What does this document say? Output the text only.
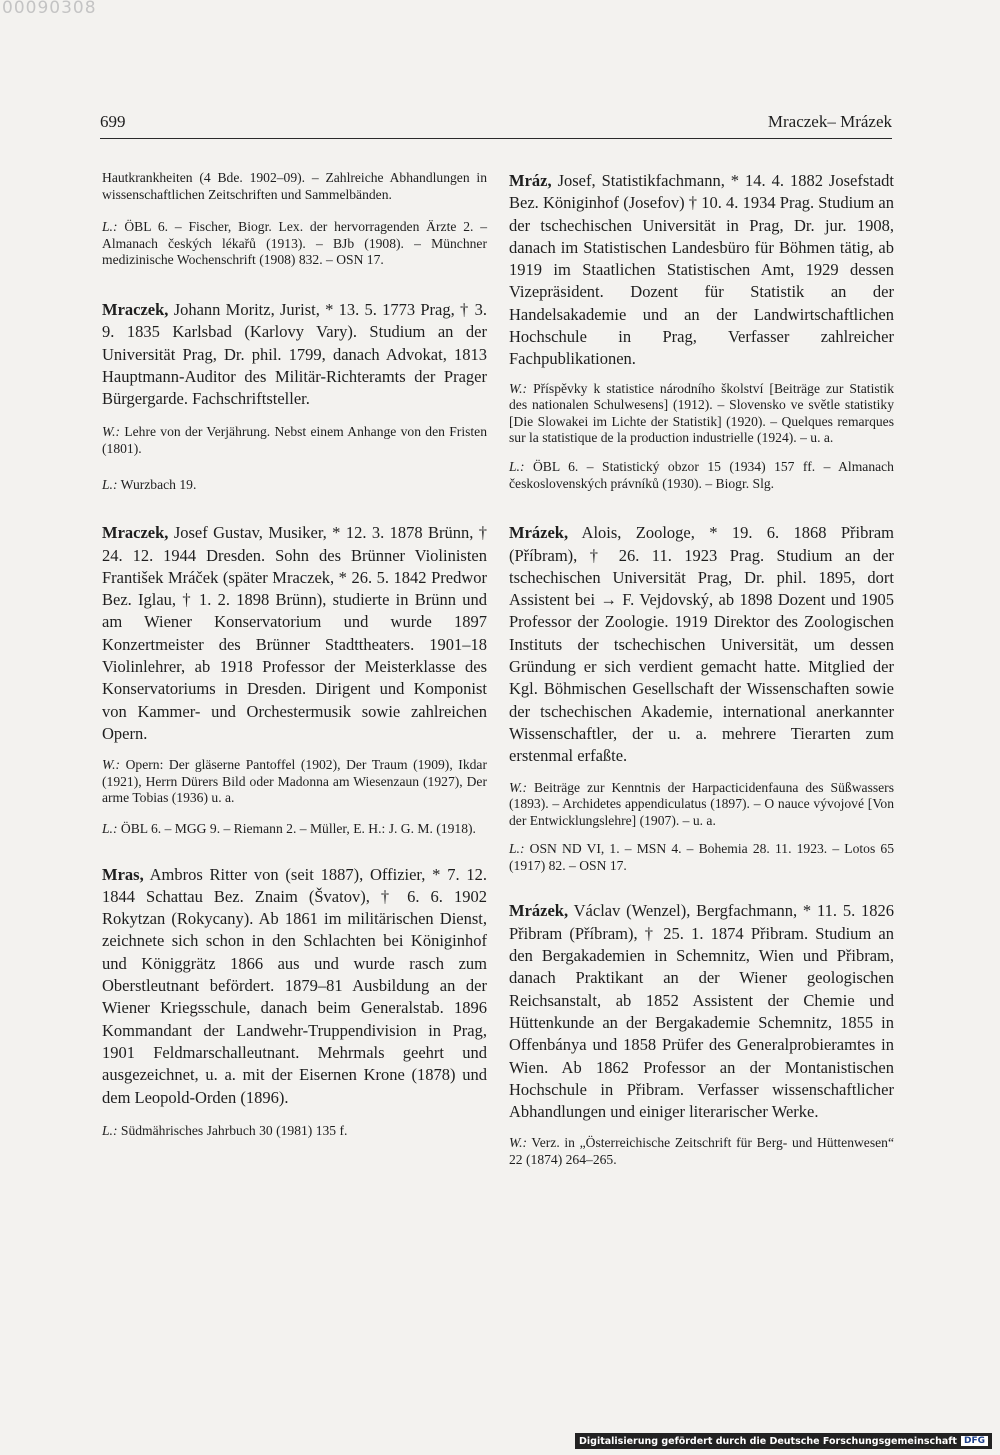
00090308
699	Mraczek– Mrázek

Hautkrankheiten (4 Bde. 1902–09). – Zahlreiche Abhandlungen in wissenschaftlichen Zeitschriften und Sammelbänden.

L.: ÖBL 6. – Fischer, Biogr. Lex. der hervorragenden Ärzte 2. – Almanach českých lékařů (1913). – BJb (1908). – Münchner medizinische Wochenschrift (1908) 832. – OSN 17.

Mraczek, Johann Moritz, Jurist, * 13. 5. 1773 Prag, † 3. 9. 1835 Karlsbad (Karlovy Vary). Studium an der Universität Prag, Dr. phil. 1799, danach Advokat, 1813 Hauptmann-Auditor des Militär-Richteramts der Prager Bürgergarde. Fachschriftsteller.

W.: Lehre von der Verjährung. Nebst einem Anhange von den Fristen (1801).

L.: Wurzbach 19.

Mraczek, Josef Gustav, Musiker, * 12. 3. 1878 Brünn, † 24. 12. 1944 Dresden. Sohn des Brünner Violinisten František Mráček (später Mraczek, * 26. 5. 1842 Predwor Bez. Iglau, † 1. 2. 1898 Brünn), studierte in Brünn und am Wiener Konservatorium und wurde 1897 Konzertmeister des Brünner Stadttheaters. 1901–18 Violinlehrer, ab 1918 Professor der Meisterklasse des Konservatoriums in Dresden. Dirigent und Komponist von Kammer- und Orchestermusik sowie zahlreichen Opern.

W.: Opern: Der gläserne Pantoffel (1902), Der Traum (1909), Ikdar (1921), Herrn Dürers Bild oder Madonna am Wiesenzaun (1927), Der arme Tobias (1936) u. a.

L.: ÖBL 6. – MGG 9. – Riemann 2. – Müller, E. H.: J. G. M. (1918).

Mras, Ambros Ritter von (seit 1887), Offizier, * 7. 12. 1844 Schattau Bez. Znaim (Švatov), † 6. 6. 1902 Rokytzan (Rokycany). Ab 1861 im militärischen Dienst, zeichnete sich schon in den Schlachten bei Königinhof und Königgrätz 1866 aus und wurde rasch zum Oberstleutnant befördert. 1879–81 Ausbildung an der Wiener Kriegsschule, danach beim Generalstab. 1896 Kommandant der Landwehr-Truppendivision in Prag, 1901 Feldmarschalleutnant. Mehrmals geehrt und ausgezeichnet, u. a. mit der Eisernen Krone (1878) und dem Leopold-Orden (1896).

L.: Südmährisches Jahrbuch 30 (1981) 135 f.

Mráz, Josef, Statistikfachmann, * 14. 4. 1882 Josefstadt Bez. Königinhof (Josefov) † 10. 4. 1934 Prag. Studium an der tschechischen Universität in Prag, Dr. jur. 1908, danach im Statistischen Landesbüro für Böhmen tätig, ab 1919 im Staatlichen Statistischen Amt, 1929 dessen Vizepräsident. Dozent für Statistik an der Handelsakademie und an der Landwirtschaftlichen Hochschule in Prag, Verfasser zahlreicher Fachpublikationen.

W.: Příspěvky k statistice národního školství [Beiträge zur Statistik des nationalen Schulwesens] (1912). – Slovensko ve světle statistiky [Die Slowakei im Lichte der Statistik] (1920). – Quelques remarques sur la statistique de la production industrielle (1924). – u. a.

L.: ÖBL 6. – Statistický obzor 15 (1934) 157 ff. – Almanach československých právníků (1930). – Biogr. Slg.

Mrázek, Alois, Zoologe, * 19. 6. 1868 Přibram (Příbram), † 26. 11. 1923 Prag. Studium an der tschechischen Universität Prag, Dr. phil. 1895, dort Assistent bei → F. Vejdovský, ab 1898 Dozent und 1905 Professor der Zoologie. 1919 Direktor des Zoologischen Instituts der tschechischen Universität, um dessen Gründung er sich verdient gemacht hatte. Mitglied der Kgl. Böhmischen Gesellschaft der Wissenschaften sowie der tschechischen Akademie, international anerkannter Wissenschaftler, der u. a. mehrere Tierarten zum erstenmal erfaßte.

W.: Beiträge zur Kenntnis der Harpacticidenfauna des Süßwassers (1893). – Archidetes appendiculatus (1897). – O nauce vývojové [Von der Entwicklungslehre] (1907). – u. a.

L.: OSN ND VI, 1. – MSN 4. – Bohemia 28. 11. 1923. – Lotos 65 (1917) 82. – OSN 17.

Mrázek, Václav (Wenzel), Bergfachmann, * 11. 5. 1826 Přibram (Příbram), † 25. 1. 1874 Přibram. Studium an den Bergakademien in Schemnitz, Wien und Přibram, danach Praktikant an der Wiener geologischen Reichsanstalt, ab 1852 Assistent der Chemie und Hüttenkunde an der Bergakademie Schemnitz, 1855 in Offenbánya und 1858 Prüfer des Generalprobieramtes in Wien. Ab 1862 Professor an der Montanistischen Hochschule in Přibram. Verfasser wissenschaftlicher Abhandlungen und einiger literarischer Werke.

W.: Verz. in „Österreichische Zeitschrift für Berg- und Hüttenwesen“ 22 (1874) 264–265.

Digitalisierung gefördert durch die Deutsche Forschungsgemeinschaft DFG
